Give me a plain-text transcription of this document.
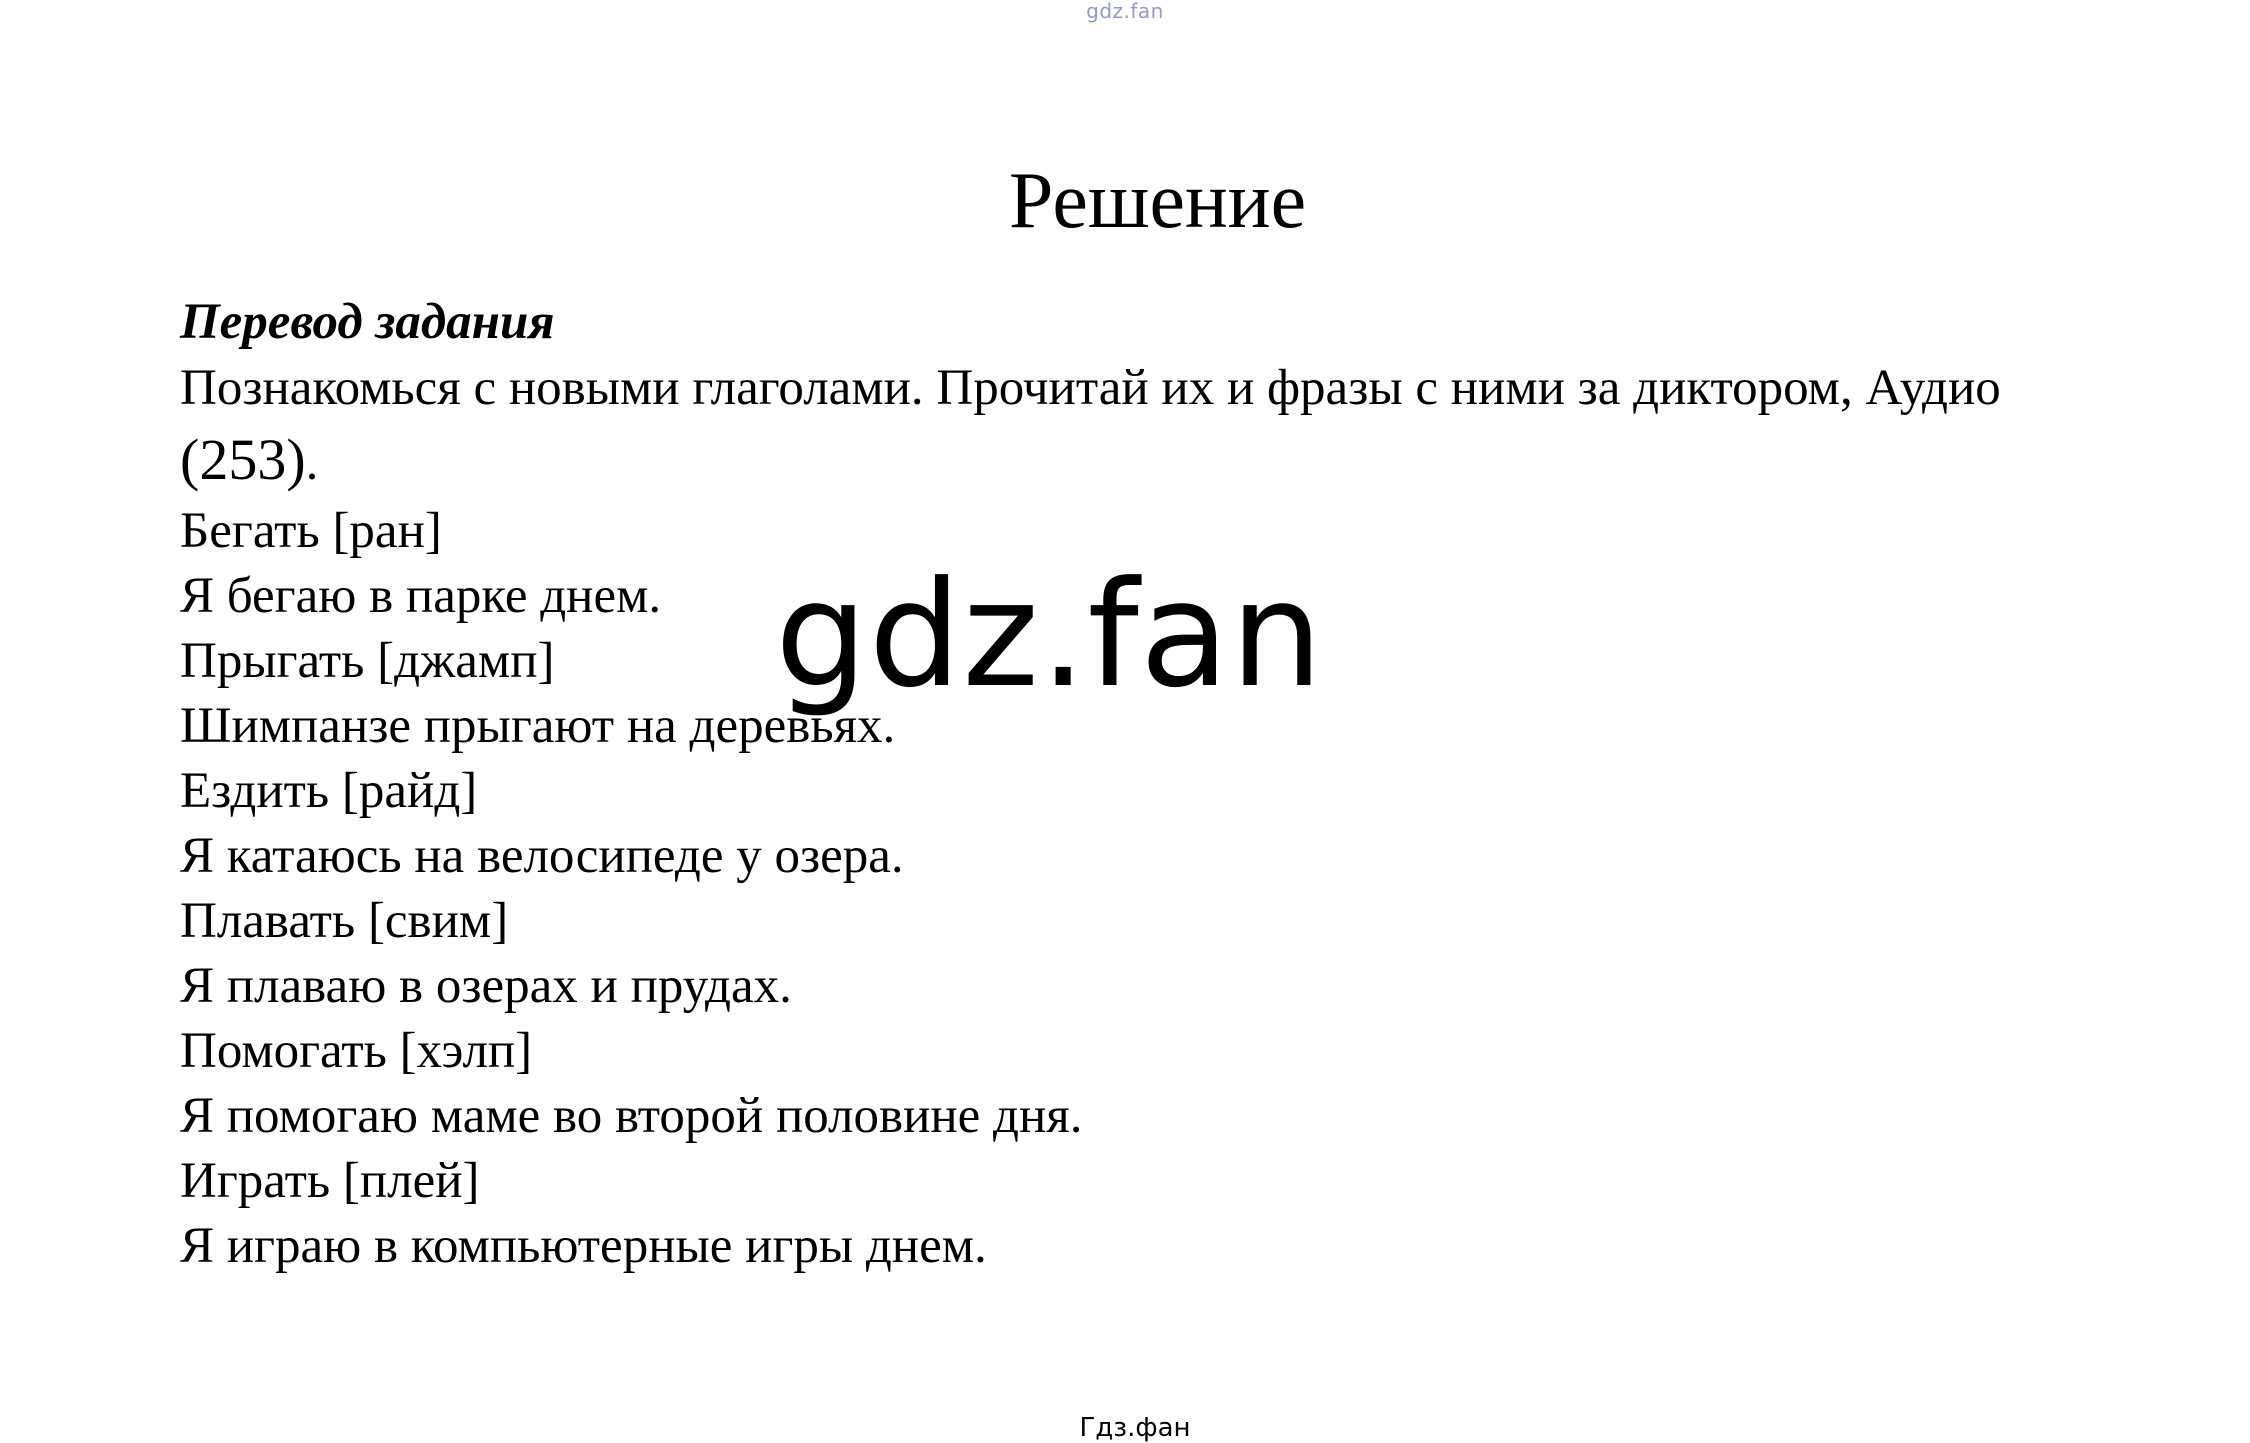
gdz.fan
Решение

Перевод задания

Познакомься с новыми глаголами. Прочитай их и фразы с ними за диктором, Аудио (253).

Бегать [ран]
Я бегаю в парке днем.
Прыгать [джамп]
Шимпанзе прыгают на деревьях.
Ездить [райд]
Я катаюсь на велосипеде у озера.
Плавать [свим]
Я плаваю в озерах и прудах.
Помогать [хэлп]
Я помогаю маме во второй половине дня.
Играть [плей]
Я играю в компьютерные игры днем.
gdz.fan
Гдз.фан
